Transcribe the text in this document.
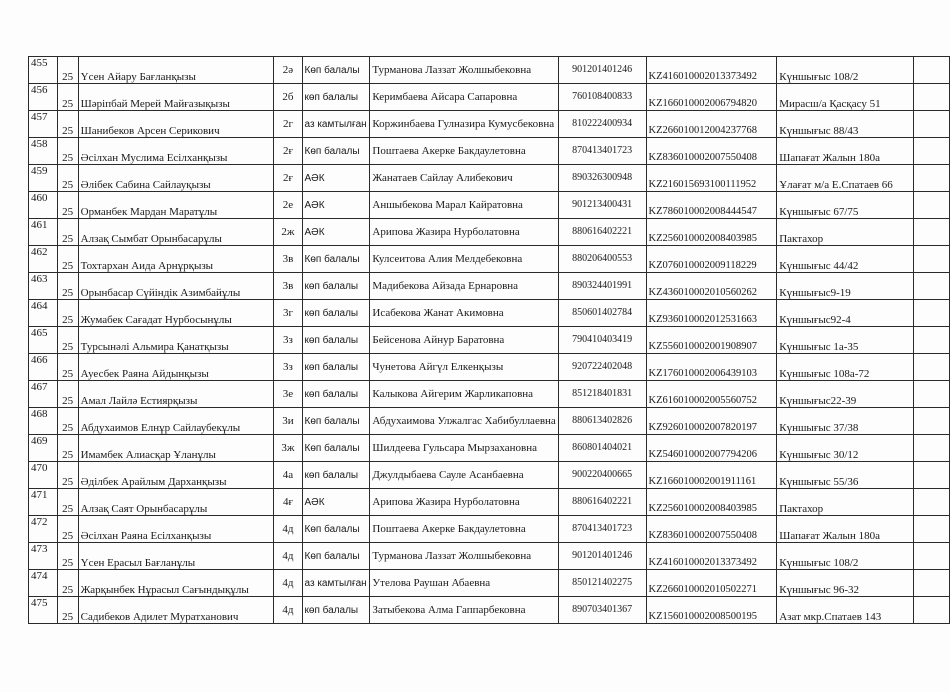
455	25	Үсен Айару Бағланқызы	2ә	Көп балалы	Турманова Лаззат Жолшыбековна	901201401246	KZ416010002013373492	Күншығыс 108/2	
456	25	Шәріпбай Мерей Майғазықызы	2б	көп балалы	Керимбаева Айсара Сапаровна	760108400833	KZ166010002006794820	Мирасш/а Қасқасу 51	
457	25	Шанибеков Арсен Серикович	2г	аз камтылған	Коржинбаева Гулназира Кумусбековна	810222400934	KZ266010012004237768	Күншығыс 88/43	
458	25	Әсілхан Муслима Есілханқызы	2ғ	Көп балалы	Поштаева Акерке Бакдаулетовна	870413401723	KZ836010002007550408	Шапағат Жалын 180а	
459	25	Әлібек Сабина Сайлауқызы	2ғ	АӘК	Жанатаев Сайлау Алибекович	890326300948	KZ216015693100111952	Ұлағат м/а Е.Спатаев 66	
460	25	Орманбек Мардан Маратұлы	2е	АӘК	Аншыбекова Марал Кайратовна	901213400431	KZ786010002008444547	Күншығыс 67/75	
461	25	Алзақ Сымбат Орынбасарұлы	2ж	АӘК	Арипова Жазира Нурболатовна	880616402221	KZ256010002008403985	Пактахор	
462	25	Тохтархан Аида Арнұрқызы	3в	Көп балалы	Кулсеитова Алия Мелдебековна	880206400553	KZ076010002009118229	Күншығыс 44/42	
463	25	Орынбасар Сүйіндік Азимбайұлы	3в	көп балалы	Мадибекова Айзада Ернаровна	890324401991	KZ436010002010560262	Күншығыс9-19	
464	25	Жумабек Сағадат Нурбосынұлы	3г	көп балалы	Исабекова Жанат Акимовна	850601402784	KZ936010002012531663	Күншығыс92-4	
465	25	Турсынәлі Альмира Қанатқызы	3з	көп балалы	Бейсенова Айнур Баратовна	790410403419	KZ556010002001908907	Күншығыс 1а-35	
466	25	Ауесбек Раяна Айдынқызы	3з	көп балалы	Чунетова Айгүл Елкенқызы	920722402048	KZ176010002006439103	Күншығыс 108а-72	
467	25	Амал Лайлә Естиярқызы	3е	көп балалы	Калыкова Айгерим Жарликаповна	851218401831	KZ616010002005560752	Күншығыс22-39	
468	25	Абдухаимов Елнұр Сайлаубекұлы	3и	Көп балалы	Абдухаимова Улжалгас Хабибуллаевна	880613402826	KZ926010002007820197	Күншығыс 37/38	
469	25	Имамбек Алиасқар Ұланұлы	3ж	Көп балалы	Шилдеева Гульсара Мырзахановна	860801404021	KZ546010002007794206	Күншығыс 30/12	
470	25	Әділбек Арайлым Дарханқызы	4а	көп балалы	Джулдыбаева Сауле Асанбаевна	900220400665	KZ166010002001911161	Күншығыс 55/36	
471	25	Алзақ Саят Орынбасарұлы	4ғ	АӘК	Арипова Жазира Нурболатовна	880616402221	KZ256010002008403985	Пактахор	
472	25	Әсілхан Раяна Есілханқызы	4д	Көп балалы	Поштаева Акерке Бакдаулетовна	870413401723	KZ836010002007550408	Шапағат Жалын 180а	
473	25	Үсен Ерасыл Бағланұлы	4д	Көп балалы	Турманова Лаззат Жолшыбековна	901201401246	KZ416010002013373492	Күншығыс 108/2	
474	25	Жарқынбек Нұрасыл Сағындықұлы	4д	аз камтылған	Утелова Раушан Абаевна	850121402275	KZ266010002010502271	Күншығыс 96-32	
475	25	Садибеков Адилет Муратханович	4д	көп балалы	Затыбекова Алма Гаппарбековна	890703401367	KZ156010002008500195	Азат мкр.Спатаев 143	
